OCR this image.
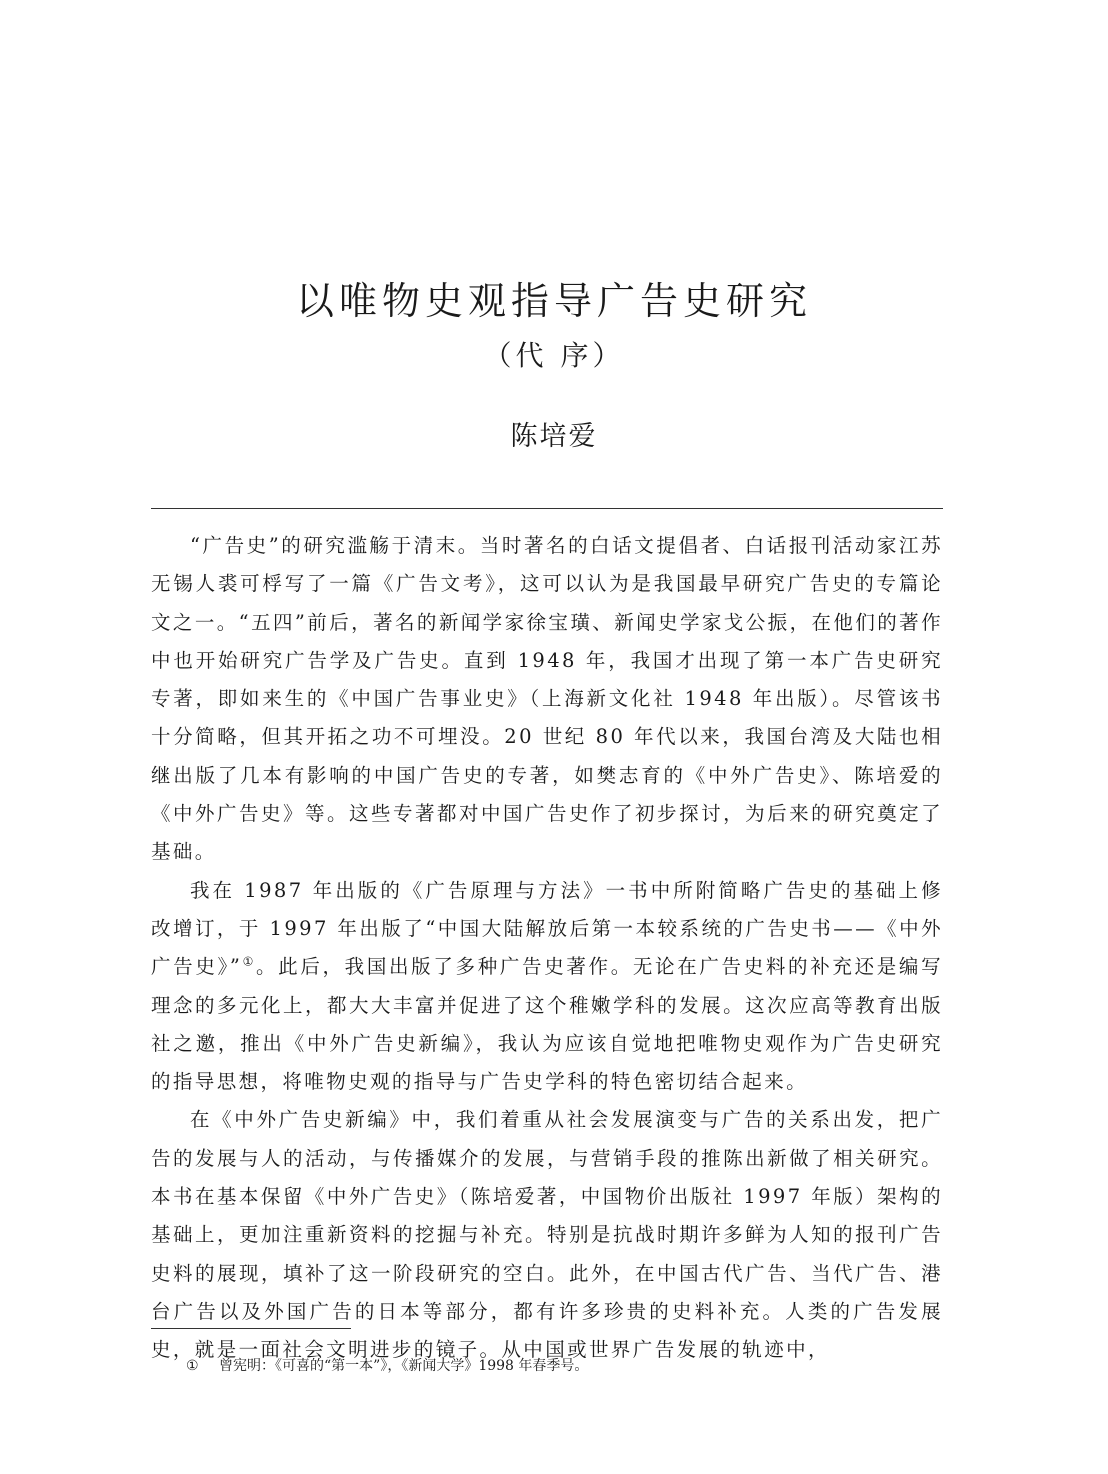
以唯物史观指导广告史研究
（代 序）
陈培爱

“广告史”的研究滥觞于清末。当时著名的白话文提倡者、白话报刊活动家江苏无锡人裘可桴写了一篇《广告文考》，这可以认为是我国最早研究广告史的专篇论文之一。“五四”前后，著名的新闻学家徐宝璜、新闻史学家戈公振，在他们的著作中也开始研究广告学及广告史。直到 1948 年，我国才出现了第一本广告史研究专著，即如来生的《中国广告事业史》（上海新文化社 1948 年出版）。尽管该书十分简略，但其开拓之功不可埋没。20 世纪 80 年代以来，我国台湾及大陆也相继出版了几本有影响的中国广告史的专著，如樊志育的《中外广告史》、陈培爱的《中外广告史》等。这些专著都对中国广告史作了初步探讨，为后来的研究奠定了基础。

我在 1987 年出版的《广告原理与方法》一书中所附简略广告史的基础上修改增订，于 1997 年出版了“中国大陆解放后第一本较系统的广告史书——《中外广告史》”①。此后，我国出版了多种广告史著作。无论在广告史料的补充还是编写理念的多元化上，都大大丰富并促进了这个稚嫩学科的发展。这次应高等教育出版社之邀，推出《中外广告史新编》，我认为应该自觉地把唯物史观作为广告史研究的指导思想，将唯物史观的指导与广告史学科的特色密切结合起来。

在《中外广告史新编》中，我们着重从社会发展演变与广告的关系出发，把广告的发展与人的活动，与传播媒介的发展，与营销手段的推陈出新做了相关研究。本书在基本保留《中外广告史》（陈培爱著，中国物价出版社 1997 年版）架构的基础上，更加注重新资料的挖掘与补充。特别是抗战时期许多鲜为人知的报刊广告史料的展现，填补了这一阶段研究的空白。此外，在中国古代广告、当代广告、港台广告以及外国广告的日本等部分，都有许多珍贵的史料补充。人类的广告发展史，就是一面社会文明进步的镜子。从中国或世界广告发展的轨迹中，

① 曾宪明：《可喜的“第一本”》，《新闻大学》1998 年春季号。
